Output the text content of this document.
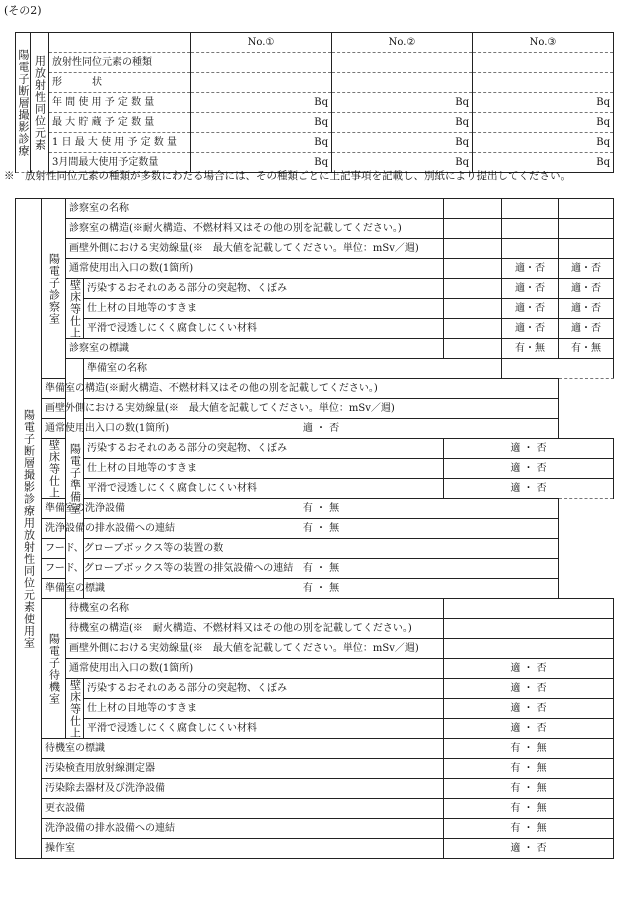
(その2)
陽電子断層撮影診療	用放射性同位元素		No.①	No.②	No.③
		放射性同位元素の種類			
		形　　　状			
		年 間 使 用 予 定 数 量	Bq	Bq	Bq
		最 大 貯 蔵 予 定 数 量	Bq	Bq	Bq
		1 日 最 大 使 用 予 定 数 量	Bq	Bq	Bq
		3月間最大使用予定数量	Bq	Bq	Bq
※　放射性同位元素の種類が多数にわたる場合には、その種類ごとに上記事項を記載し、別紙により提出してください。
陽電子断層撮影診療用放射性同位元素使用室	陽電子診察室	診察室の名称				
		診察室の構造(※耐火構造、不燃材料又はその他の別を記載してください。)				
		画壁外側における実効線量(※　最大値を記載してください。単位：mSv／週)				
		通常使用出入口の数(1箇所)			適・否	適・否
		壁床等仕上	汚染するおそれのある部分の突起物、くぼみ		適・否	適・否
			仕上材の目地等のすきま		適・否	適・否
			平滑で浸透しにくく腐食しにくい材料		適・否	適・否
		診察室の標識			有・無	有・無
		陽電子準備室	準備室の名称			
	準備室の構造(※耐火構造、不燃材料又はその他の別を記載してください。)					
	画壁外側における実効線量(※　最大値を記載してください。単位：mSv／週)					
	通常使用出入口の数(1箇所)		適 ・ 否			
	壁床等仕上		汚染するおそれのある部分の突起物、くぼみ	適 ・ 否		
			仕上材の目地等のすきま	適 ・ 否		
			平滑で浸透しにくく腐食しにくい材料	適 ・ 否		
	準備室の洗浄設備		有 ・ 無			
	洗浄設備の排水設備への連結		有 ・ 無			
	フード、グローブボックス等の装置の数					
	フード、グローブボックス等の装置の排気設備への連結		有 ・ 無			
	準備室の標識		有 ・ 無			
	陽電子待機室	待機室の名称				
		待機室の構造(※　耐火構造、不燃材料又はその他の別を記載してください。)				
		画壁外側における実効線量(※　最大値を記載してください。単位：mSv／週)				
		通常使用出入口の数(1箇所)		適 ・ 否		
		壁床等仕上	汚染するおそれのある部分の突起物、くぼみ	適 ・ 否		
			仕上材の目地等のすきま	適 ・ 否		
			平滑で浸透しにくく腐食しにくい材料	適 ・ 否		
	待機室の標識			有 ・ 無		
	汚染検査用放射線測定器			有 ・ 無		
	汚染除去器材及び洗浄設備			有 ・ 無		
	更衣設備			有 ・ 無		
	洗浄設備の排水設備への連結			有 ・ 無		
	操作室			適 ・ 否		
